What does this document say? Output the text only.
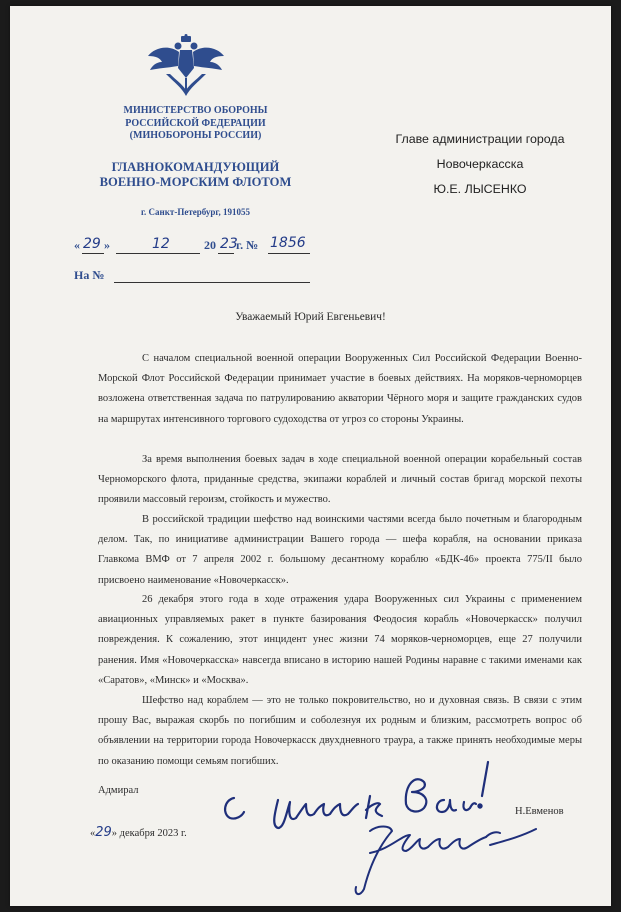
МИНИСТЕРСТВО ОБОРОНЫ
РОССИЙСКОЙ ФЕДЕРАЦИИ
(МИНОБОРОНЫ РОССИИ)
ГЛАВНОКОМАНДУЮЩИЙ
ВОЕННО-МОРСКИМ ФЛОТОМ
г. Санкт-Петербург, 191055
Главе администрации города
Новочеркасска
Ю.Е. ЛЫСЕНКО
« 29 »	12	20 23
г. № 1856
На №
Уважаемый Юрий Евгеньевич!

С началом специальной военной операции Вооруженных Сил Российской Федерации Военно-Морской Флот Российской Федерации принимает участие в боевых действиях. На моряков-черноморцев возложена ответственная задача по патрулированию акватории Чёрного моря и защите гражданских судов на маршрутах интенсивного торгового судоходства от угроз со стороны Украины.

За время выполнения боевых задач в ходе специальной военной операции корабельный состав Черноморского флота, приданные средства, экипажи кораблей и личный состав бригад морской пехоты проявили массовый героизм, стойкость и мужество.

В российской традиции шефство над воинскими частями всегда было почетным и благородным делом. Так, по инициативе администрации Вашего города — шефа корабля, на основании приказа Главкома ВМФ от 7 апреля 2002 г. большому десантному кораблю «БДК-46» проекта 775/II было присвоено наименование «Новочеркасск».

26 декабря этого года в ходе отражения удара Вооруженных сил Украины с применением авиационных управляемых ракет в пункте базирования Феодосия корабль «Новочеркасск» получил повреждения. К сожалению, этот инцидент унес жизни 74 моряков-черноморцев, еще 27 получили ранения. Имя «Новочеркасска» навсегда вписано в историю нашей Родины наравне с такими именами как «Саратов», «Минск» и «Москва».

Шефство над кораблем — это не только покровительство, но и духовная связь. В связи с этим прошу Вас, выражая скорбь по погибшим и соболезнуя их родным и близким, рассмотреть вопрос об объявлении на территории города Новочеркасск двухдневного траура, а также принять необходимые меры по оказанию помощи семьям погибших.

Адмирал
Н.Евменов
«29» декабря 2023 г.
